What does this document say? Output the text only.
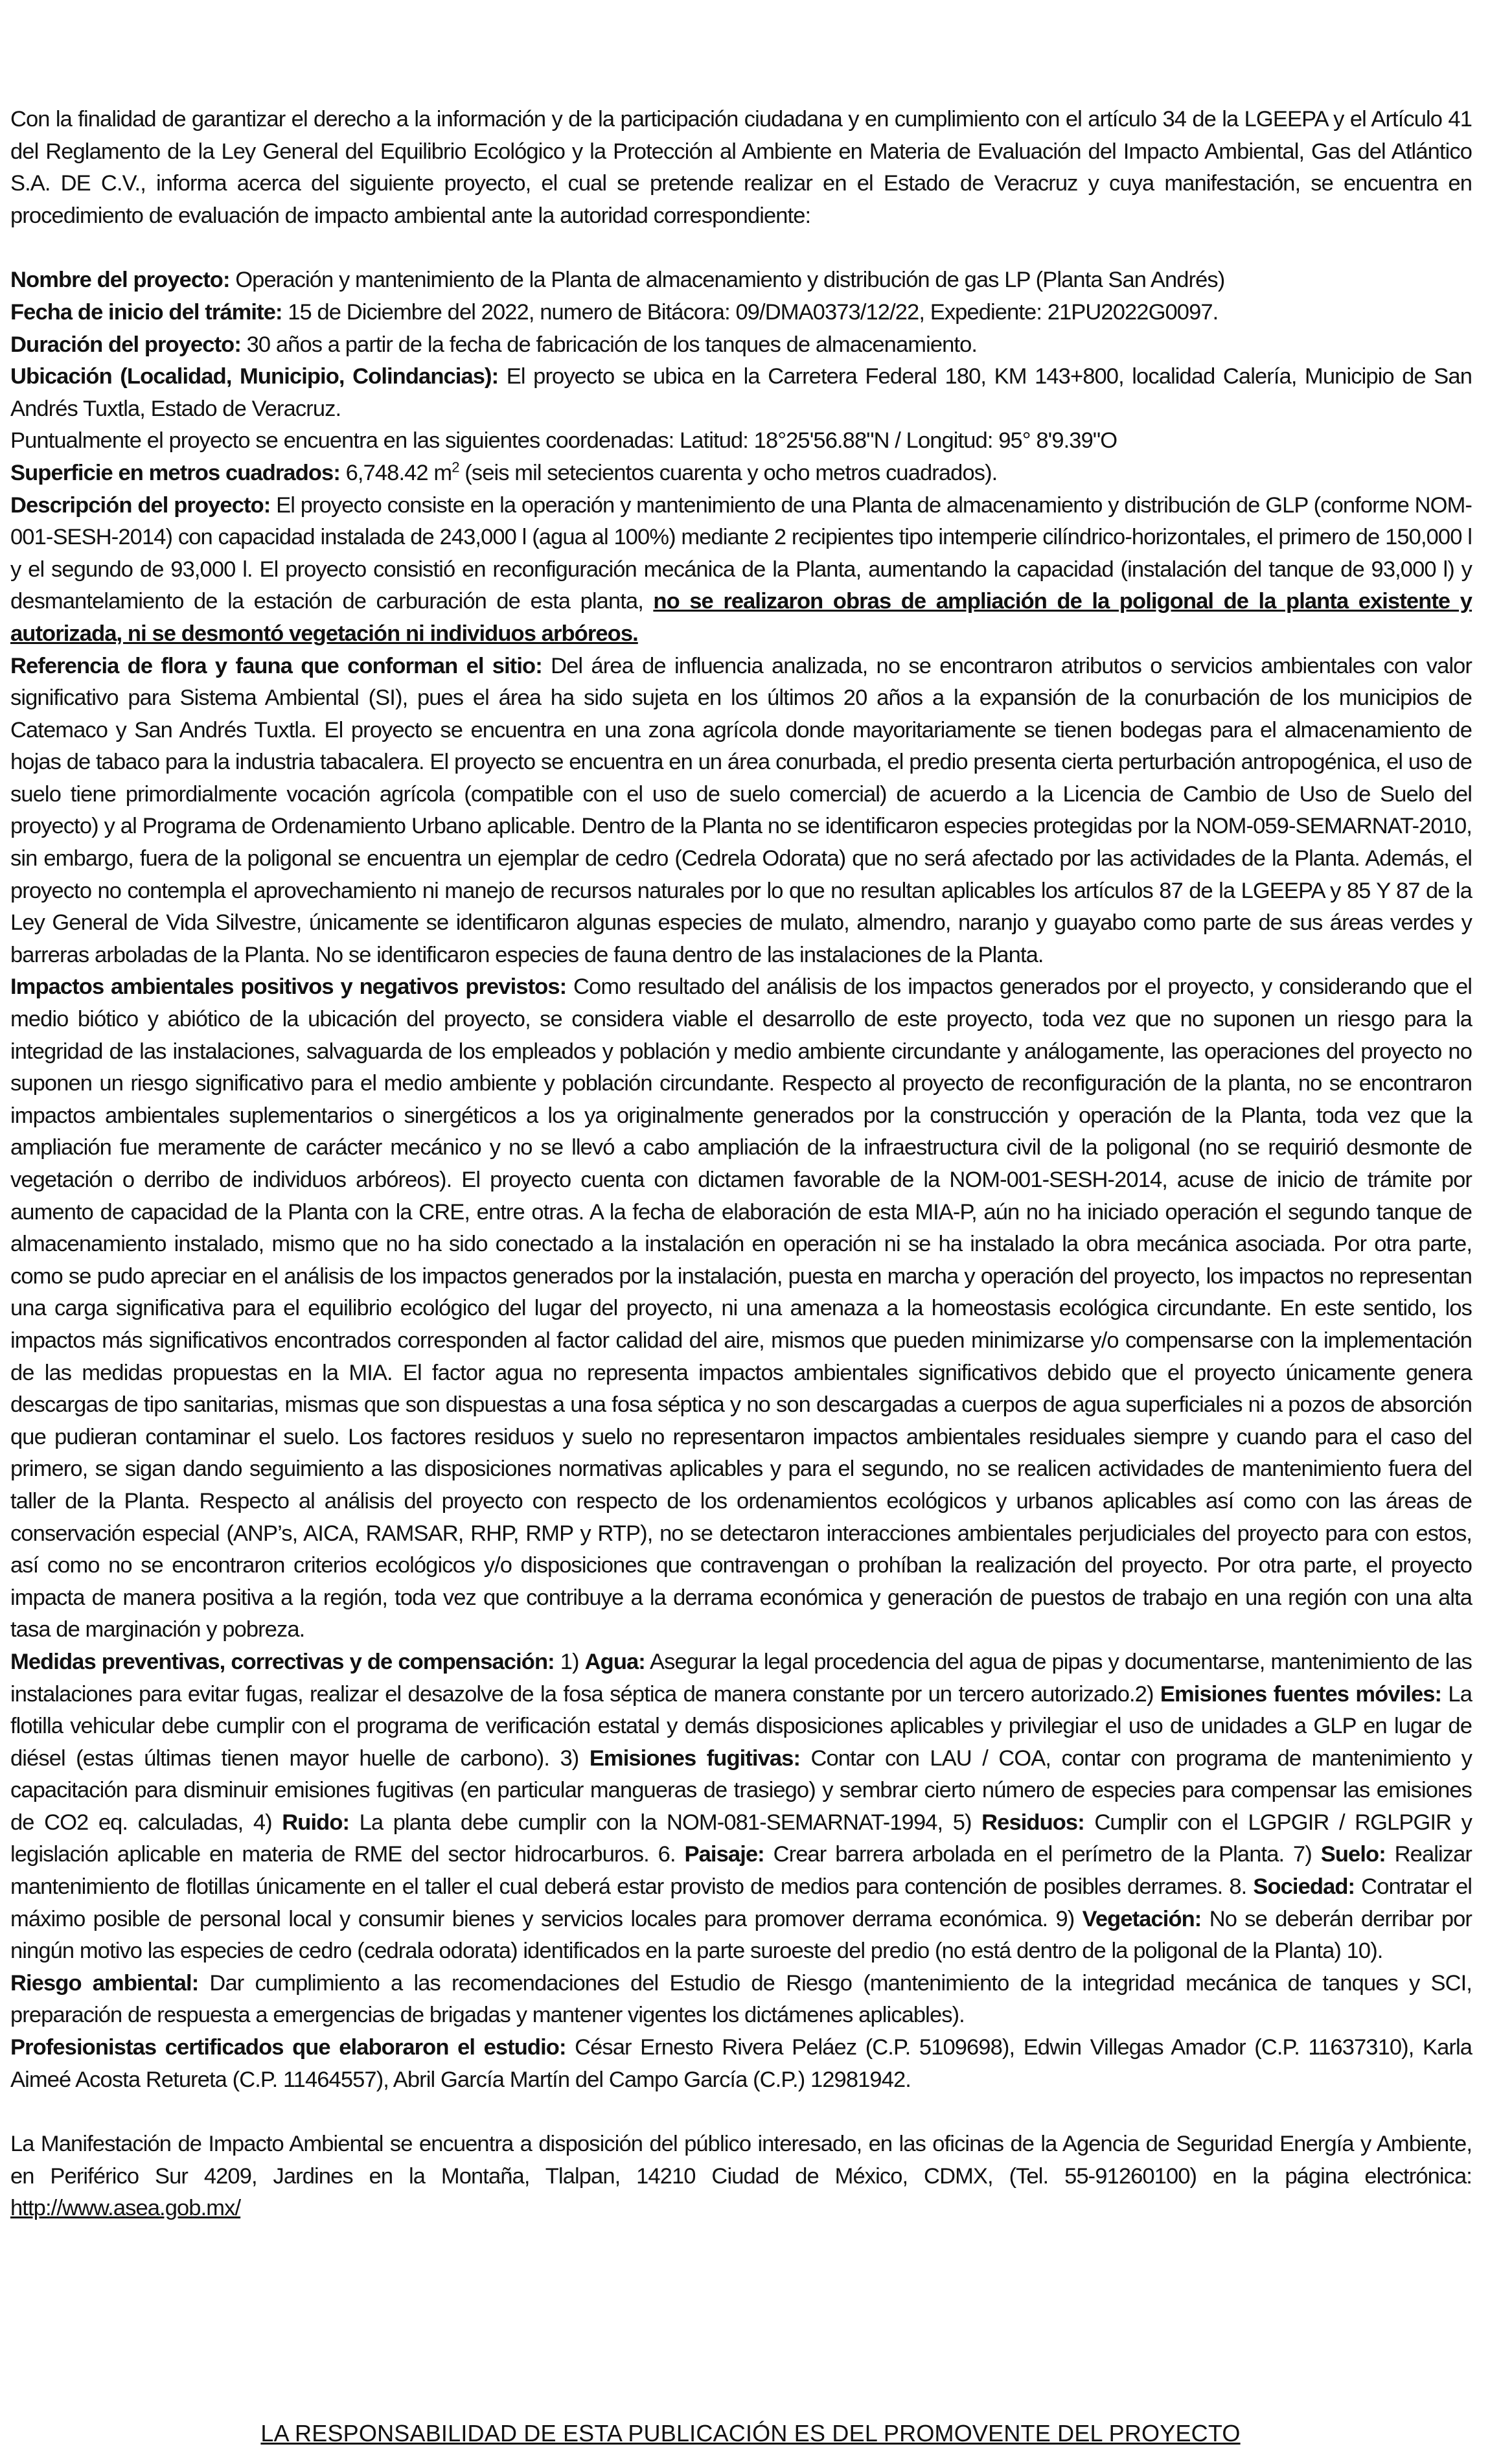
Con la finalidad de garantizar el derecho a la información y de la participación ciudadana y en cumplimiento con el artículo 34 de la LGEEPA y el Artículo 41 del Reglamento de la Ley General del Equilibrio Ecológico y la Protección al Ambiente en Materia de Evaluación del Impacto Ambiental, Gas del Atlántico S.A. DE C.V., informa acerca del siguiente proyecto, el cual se pretende realizar en el Estado de Veracruz y cuya manifestación, se encuentra en procedimiento de evaluación de impacto ambiental ante la autoridad correspondiente:

Nombre del proyecto: Operación y mantenimiento de la Planta de almacenamiento y distribución de gas LP (Planta San Andrés)

Fecha de inicio del trámite: 15 de Diciembre del 2022, numero de Bitácora: 09/DMA0373/12/22, Expediente: 21PU2022G0097.

Duración del proyecto: 30 años a partir de la fecha de fabricación de los tanques de almacenamiento.

Ubicación (Localidad, Municipio, Colindancias): El proyecto se ubica en la Carretera Federal 180, KM 143+800, localidad Calería, Municipio de San Andrés Tuxtla, Estado de Veracruz.

Puntualmente el proyecto se encuentra en las siguientes coordenadas: Latitud: 18°25'56.88"N / Longitud: 95° 8'9.39"O

Superficie en metros cuadrados: 6,748.42 $m^2$ (seis mil setecientos cuarenta y ocho metros cuadrados).

Descripción del proyecto: El proyecto consiste en la operación y mantenimiento de una Planta de almacenamiento y distribución de GLP (conforme NOM-001-SESH-2014) con capacidad instalada de 243,000 l (agua al 100%) mediante 2 recipientes tipo intemperie cilíndrico-horizontales, el primero de 150,000 l y el segundo de 93,000 l. El proyecto consistió en reconfiguración mecánica de la Planta, aumentando la capacidad (instalación del tanque de 93,000 l) y desmantelamiento de la estación de carburación de esta planta, no se realizaron obras de ampliación de la poligonal de la planta existente y autorizada, ni se desmontó vegetación ni individuos arbóreos.

Referencia de flora y fauna que conforman el sitio: Del área de influencia analizada, no se encontraron atributos o servicios ambientales con valor significativo para Sistema Ambiental (SI), pues el área ha sido sujeta en los últimos 20 años a la expansión de la conurbación de los municipios de Catemaco y San Andrés Tuxtla. El proyecto se encuentra en una zona agrícola donde mayoritariamente se tienen bodegas para el almacenamiento de hojas de tabaco para la industria tabacalera. El proyecto se encuentra en un área conurbada, el predio presenta cierta perturbación antropogénica, el uso de suelo tiene primordialmente vocación agrícola (compatible con el uso de suelo comercial) de acuerdo a la Licencia de Cambio de Uso de Suelo del proyecto) y al Programa de Ordenamiento Urbano aplicable. Dentro de la Planta no se identificaron especies protegidas por la NOM-059-SEMARNAT-2010, sin embargo, fuera de la poligonal se encuentra un ejemplar de cedro (Cedrela Odorata) que no será afectado por las actividades de la Planta. Además, el proyecto no contempla el aprovechamiento ni manejo de recursos naturales por lo que no resultan aplicables los artículos 87 de la LGEEPA y 85 Y 87 de la Ley General de Vida Silvestre, únicamente se identificaron algunas especies de mulato, almendro, naranjo y guayabo como parte de sus áreas verdes y barreras arboladas de la Planta. No se identificaron especies de fauna dentro de las instalaciones de la Planta.

Impactos ambientales positivos y negativos previstos: Como resultado del análisis de los impactos generados por el proyecto, y considerando que el medio biótico y abiótico de la ubicación del proyecto, se considera viable el desarrollo de este proyecto, toda vez que no suponen un riesgo para la integridad de las instalaciones, salvaguarda de los empleados y población y medio ambiente circundante y análogamente, las operaciones del proyecto no suponen un riesgo significativo para el medio ambiente y población circundante. Respecto al proyecto de reconfiguración de la planta, no se encontraron impactos ambientales suplementarios o sinergéticos a los ya originalmente generados por la construcción y operación de la Planta, toda vez que la ampliación fue meramente de carácter mecánico y no se llevó a cabo ampliación de la infraestructura civil de la poligonal (no se requirió desmonte de vegetación o derribo de individuos arbóreos). El proyecto cuenta con dictamen favorable de la NOM-001-SESH-2014, acuse de inicio de trámite por aumento de capacidad de la Planta con la CRE, entre otras. A la fecha de elaboración de esta MIA-P, aún no ha iniciado operación el segundo tanque de almacenamiento instalado, mismo que no ha sido conectado a la instalación en operación ni se ha instalado la obra mecánica asociada. Por otra parte, como se pudo apreciar en el análisis de los impactos generados por la instalación, puesta en marcha y operación del proyecto, los impactos no representan una carga significativa para el equilibrio ecológico del lugar del proyecto, ni una amenaza a la homeostasis ecológica circundante. En este sentido, los impactos más significativos encontrados corresponden al factor calidad del aire, mismos que pueden minimizarse y/o compensarse con la implementación de las medidas propuestas en la MIA. El factor agua no representa impactos ambientales significativos debido que el proyecto únicamente genera descargas de tipo sanitarias, mismas que son dispuestas a una fosa séptica y no son descargadas a cuerpos de agua superficiales ni a pozos de absorción que pudieran contaminar el suelo. Los factores residuos y suelo no representaron impactos ambientales residuales siempre y cuando para el caso del primero, se sigan dando seguimiento a las disposiciones normativas aplicables y para el segundo, no se realicen actividades de mantenimiento fuera del taller de la Planta. Respecto al análisis del proyecto con respecto de los ordenamientos ecológicos y urbanos aplicables así como con las áreas de conservación especial (ANP’s, AICA, RAMSAR, RHP, RMP y RTP), no se detectaron interacciones ambientales perjudiciales del proyecto para con estos, así como no se encontraron criterios ecológicos y/o disposiciones que contravengan o prohíban la realización del proyecto. Por otra parte, el proyecto impacta de manera positiva a la región, toda vez que contribuye a la derrama económica y generación de puestos de trabajo en una región con una alta tasa de marginación y pobreza.

Medidas preventivas, correctivas y de compensación: 1) Agua: Asegurar la legal procedencia del agua de pipas y documentarse, mantenimiento de las instalaciones para evitar fugas, realizar el desazolve de la fosa séptica de manera constante por un tercero autorizado.2) Emisiones fuentes móviles: La flotilla vehicular debe cumplir con el programa de verificación estatal y demás disposiciones aplicables y privilegiar el uso de unidades a GLP en lugar de diésel (estas últimas tienen mayor huelle de carbono). 3) Emisiones fugitivas: Contar con LAU / COA, contar con programa de mantenimiento y capacitación para disminuir emisiones fugitivas (en particular mangueras de trasiego) y sembrar cierto número de especies para compensar las emisiones de CO2 eq. calculadas, 4) Ruido: La planta debe cumplir con la NOM-081-SEMARNAT-1994, 5) Residuos: Cumplir con el LGPGIR / RGLPGIR y legislación aplicable en materia de RME del sector hidrocarburos. 6. Paisaje: Crear barrera arbolada en el perímetro de la Planta. 7) Suelo: Realizar mantenimiento de flotillas únicamente en el taller el cual deberá estar provisto de medios para contención de posibles derrames. 8. Sociedad: Contratar el máximo posible de personal local y consumir bienes y servicios locales para promover derrama económica. 9) Vegetación: No se deberán derribar por ningún motivo las especies de cedro (cedrala odorata) identificados en la parte suroeste del predio (no está dentro de la poligonal de la Planta) 10).

Riesgo ambiental: Dar cumplimiento a las recomendaciones del Estudio de Riesgo (mantenimiento de la integridad mecánica de tanques y SCI, preparación de respuesta a emergencias de brigadas y mantener vigentes los dictámenes aplicables).

Profesionistas certificados que elaboraron el estudio: César Ernesto Rivera Peláez (C.P. 5109698), Edwin Villegas Amador (C.P. 11637310), Karla Aimeé Acosta Retureta (C.P. 11464557), Abril García Martín del Campo García (C.P.) 12981942.

La Manifestación de Impacto Ambiental se encuentra a disposición del público interesado, en las oficinas de la Agencia de Seguridad Energía y Ambiente, en Periférico Sur 4209, Jardines en la Montaña, Tlalpan, 14210 Ciudad de México, CDMX, (Tel. 55-91260100) en la página electrónica: http://www.asea.gob.mx/

LA RESPONSABILIDAD DE ESTA PUBLICACIÓN ES DEL PROMOVENTE DEL PROYECTO
